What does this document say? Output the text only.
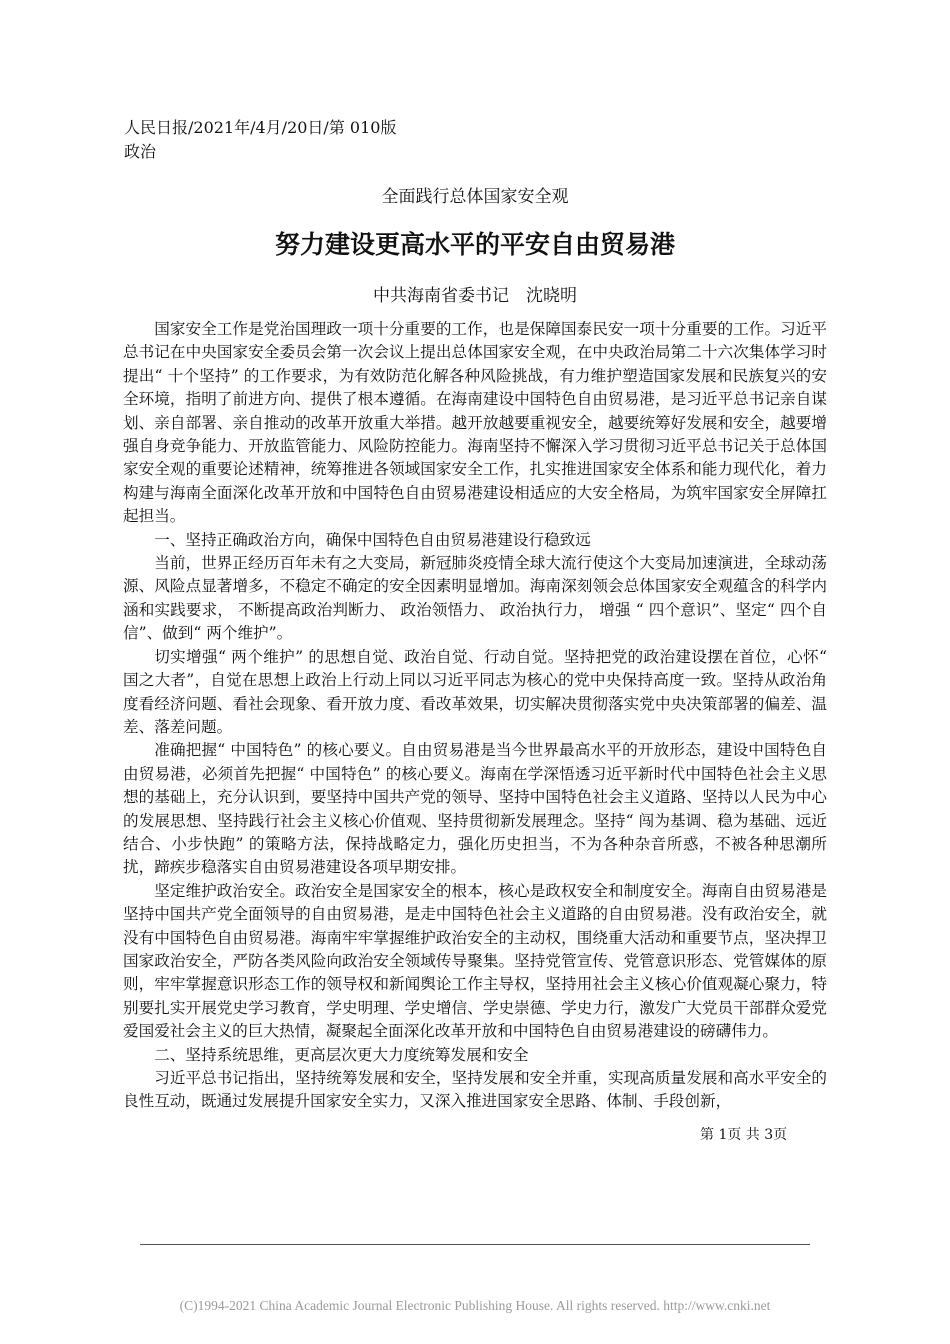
人民日报/2021年/4月/20日/第 010版政治
全面践行总体国家安全观
努力建设更高水平的平安自由贸易港
中共海南省委书记　沈晓明

国家安全工作是党治国理政一项十分重要的工作，也是保障国泰民安一项十分重要的工作。习近平总书记在中央国家安全委员会第一次会议上提出总体国家安全观，在中央政治局第二十六次集体学习时提出“ 十个坚持” 的工作要求，为有效防范化解各种风险挑战，有力维护塑造国家发展和民族复兴的安全环境，指明了前进方向、提供了根本遵循。在海南建设中国特色自由贸易港，是习近平总书记亲自谋划、亲自部署、亲自推动的改革开放重大举措。越开放越要重视安全，越要统筹好发展和安全，越要增强自身竞争能力、开放监管能力、风险防控能力。海南坚持不懈深入学习贯彻习近平总书记关于总体国家安全观的重要论述精神，统筹推进各领域国家安全工作，扎实推进国家安全体系和能力现代化，着力构建与海南全面深化改革开放和中国特色自由贸易港建设相适应的大安全格局，为筑牢国家安全屏障扛起担当。

一、坚持正确政治方向，确保中国特色自由贸易港建设行稳致远

当前，世界正经历百年未有之大变局，新冠肺炎疫情全球大流行使这个大变局加速演进，全球动荡源、风险点显著增多，不稳定不确定的安全因素明显增加。海南深刻领会总体国家安全观蕴含的科学内涵和实践要求， 不断提高政治判断力、 政治领悟力、 政治执行力， 增强 “ 四个意识”、坚定“ 四个自信”、做到“ 两个维护”。

切实增强“ 两个维护” 的思想自觉、政治自觉、行动自觉。坚持把党的政治建设摆在首位，心怀“ 国之大者”，自觉在思想上政治上行动上同以习近平同志为核心的党中央保持高度一致。坚持从政治角度看经济问题、看社会现象、看开放力度、看改革效果，切实解决贯彻落实党中央决策部署的偏差、温差、落差问题。

准确把握“ 中国特色” 的核心要义。自由贸易港是当今世界最高水平的开放形态，建设中国特色自由贸易港，必须首先把握“ 中国特色” 的核心要义。海南在学深悟透习近平新时代中国特色社会主义思想的基础上，充分认识到，要坚持中国共产党的领导、坚持中国特色社会主义道路、坚持以人民为中心的发展思想、坚持践行社会主义核心价值观、坚持贯彻新发展理念。坚持“ 闯为基调、稳为基础、远近结合、小步快跑” 的策略方法，保持战略定力，强化历史担当，不为各种杂音所惑，不被各种思潮所扰，蹄疾步稳落实自由贸易港建设各项早期安排。

坚定维护政治安全。政治安全是国家安全的根本，核心是政权安全和制度安全。海南自由贸易港是坚持中国共产党全面领导的自由贸易港，是走中国特色社会主义道路的自由贸易港。没有政治安全，就没有中国特色自由贸易港。海南牢牢掌握维护政治安全的主动权，围绕重大活动和重要节点，坚决捍卫国家政治安全，严防各类风险向政治安全领域传导聚集。坚持党管宣传、党管意识形态、党管媒体的原则，牢牢掌握意识形态工作的领导权和新闻舆论工作主导权，坚持用社会主义核心价值观凝心聚力，特别要扎实开展党史学习教育，学史明理、学史增信、学史崇德、学史力行，激发广大党员干部群众爱党爱国爱社会主义的巨大热情，凝聚起全面深化改革开放和中国特色自由贸易港建设的磅礴伟力。

二、坚持系统思维，更高层次更大力度统筹发展和安全

习近平总书记指出，坚持统筹发展和安全，坚持发展和安全并重，实现高质量发展和高水平安全的良性互动，既通过发展提升国家安全实力，又深入推进国家安全思路、体制、手段创新，

第 1页 共 3页
(C)1994-2021 China Academic Journal Electronic Publishing House. All rights reserved. http://www.cnki.net
